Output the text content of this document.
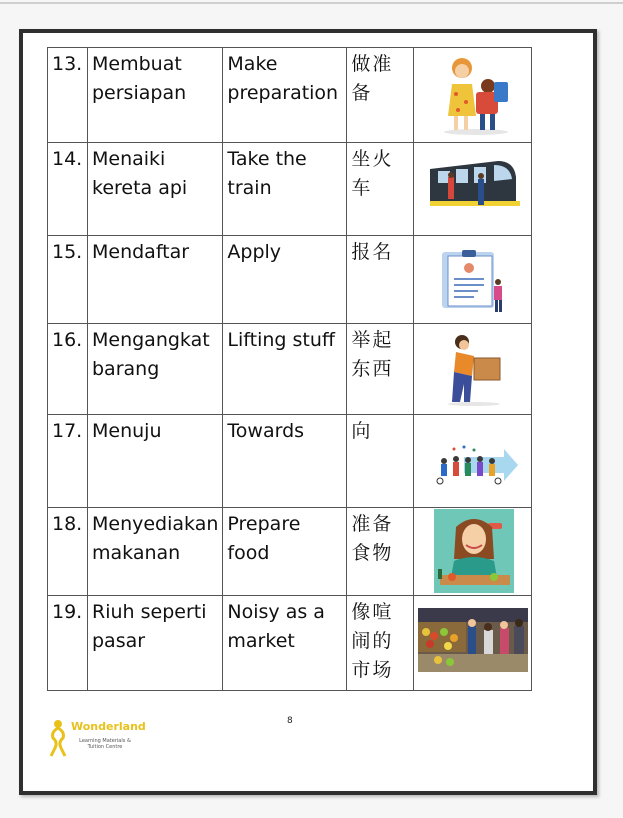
13.	Membuat persiapan	Make preparation	做准备	

14.	Menaiki kereta api	Take the train	坐火车	

15.	Mendaftar	Apply	报名	

16.	Mengangkat barang	Lifting stuff	举起东西	

17.	Menuju	Towards	向	

18.	Menyediakan makanan	Prepare food	准备食物	

19.	Riuh seperti pasar	Noisy as a market	像喧闹的市场	
Wonderland
Learning Materials & Tuition Centre
8
